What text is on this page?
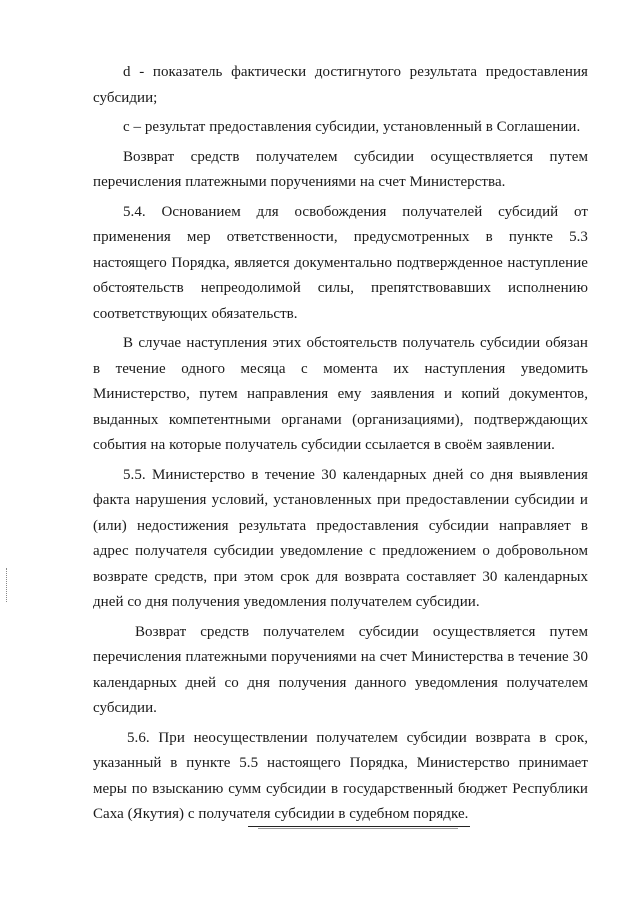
d - показатель фактически достигнутого результата предоставления субсидии;

c – результат предоставления субсидии, установленный в Соглашении.

Возврат средств получателем субсидии осуществляется путем перечисления платежными поручениями на счет Министерства.

5.4. Основанием для освобождения получателей субсидий от применения мер ответственности, предусмотренных в пункте 5.3 настоящего Порядка, является документально подтвержденное наступление обстоятельств непреодолимой силы, препятствовавших исполнению соответствующих обязательств.

В случае наступления этих обстоятельств получатель субсидии обязан в течение одного месяца с момента их наступления уведомить Министерство, путем направления ему заявления и копий документов, выданных компетентными органами (организациями), подтверждающих события на которые получатель субсидии ссылается в своём заявлении.

5.5. Министерство в течение 30 календарных дней со дня выявления факта нарушения условий, установленных при предоставлении субсидии и (или) недостижения результата предоставления субсидии направляет в адрес получателя субсидии уведомление с предложением о добровольном возврате средств, при этом срок для возврата составляет 30 календарных дней со дня получения уведомления получателем субсидии.

Возврат средств получателем субсидии осуществляется путем перечисления платежными поручениями на счет Министерства в течение 30 календарных дней со дня получения данного уведомления получателем субсидии.

5.6. При неосуществлении получателем субсидии возврата в срок, указанный в пункте 5.5 настоящего Порядка, Министерство принимает меры по взысканию сумм субсидии в государственный бюджет Республики Саха (Якутия) с получателя субсидии в судебном порядке.
